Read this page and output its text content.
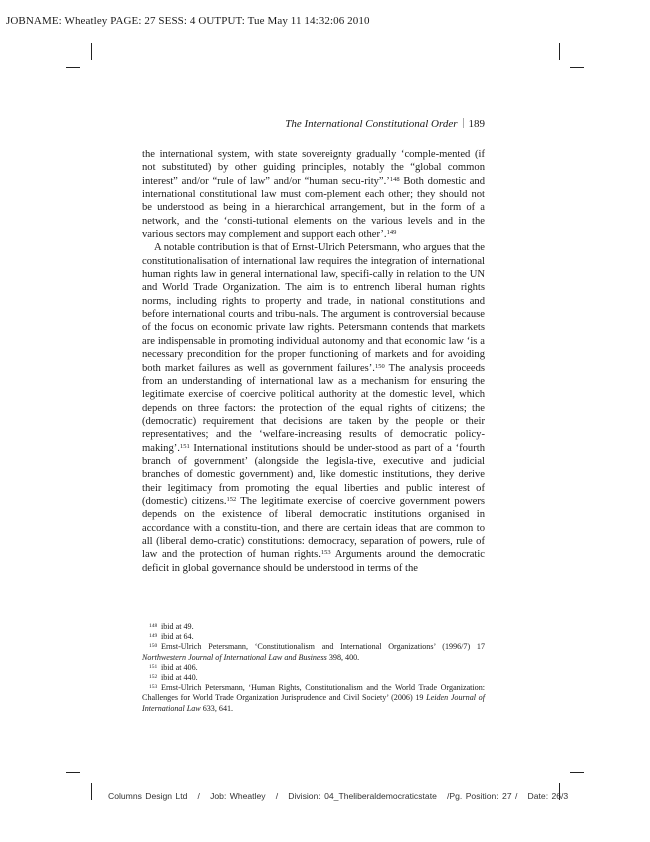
JOBNAME: Wheatley PAGE: 27 SESS: 4 OUTPUT: Tue May 11 14:32:06 2010
The International Constitutional Order 189

the international system, with state sovereignty gradually ‘comple-mented (if not substituted) by other guiding principles, notably the “global common interest” and/or “rule of law” and/or “human secu-rity”.’$^{148}$ Both domestic and international constitutional law must com-plement each other; they should not be understood as being in a hierarchical arrangement, but in the form of a network, and the ‘consti-tutional elements on the various levels and in the various sectors may complement and support each other’.$^{149}$

A notable contribution is that of Ernst-Ulrich Petersmann, who argues that the constitutionalisation of international law requires the integration of international human rights law in general international law, specifi-cally in relation to the UN and World Trade Organization. The aim is to entrench liberal human rights norms, including rights to property and trade, in national constitutions and before international courts and tribu-nals. The argument is controversial because of the focus on economic private law rights. Petersmann contends that markets are indispensable in promoting individual autonomy and that economic law ‘is a necessary precondition for the proper functioning of markets and for avoiding both market failures as well as government failures’.$^{150}$ The analysis proceeds from an understanding of international law as a mechanism for ensuring the legitimate exercise of coercive political authority at the domestic level, which depends on three factors: the protection of the equal rights of citizens; the (democratic) requirement that decisions are taken by the people or their representatives; and the ‘welfare-increasing results of democratic policy-making’.$^{151}$ International institutions should be under-stood as part of a ‘fourth branch of government’ (alongside the legisla-tive, executive and judicial branches of domestic government) and, like domestic institutions, they derive their legitimacy from promoting the equal liberties and public interest of (domestic) citizens.$^{152}$ The legitimate exercise of coercive government powers depends on the existence of liberal democratic institutions organised in accordance with a constitu-tion, and there are certain ideas that are common to all (liberal demo-cratic) constitutions: democracy, separation of powers, rule of law and the protection of human rights.$^{153}$ Arguments around the democratic deficit in global governance should be understood in terms of the

$^{148}$ ibid at 49.

$^{149}$ ibid at 64.

$^{150}$ Ernst-Ulrich Petersmann, ‘Constitutionalism and International Organizations’ (1996/7) 17 Northwestern Journal of International Law and Business 398, 400.

$^{151}$ ibid at 406.

$^{152}$ ibid at 440.

$^{153}$ Ernst-Ulrich Petersmann, ‘Human Rights, Constitutionalism and the World Trade Organization: Challenges for World Trade Organization Jurisprudence and Civil Society’ (2006) 19 Leiden Journal of International Law 633, 641.

Columns Design Ltd   /   Job: Wheatley   /   Division: 04_Theliberaldemocraticstate   /Pg. Position: 27 /   Date: 26/3
